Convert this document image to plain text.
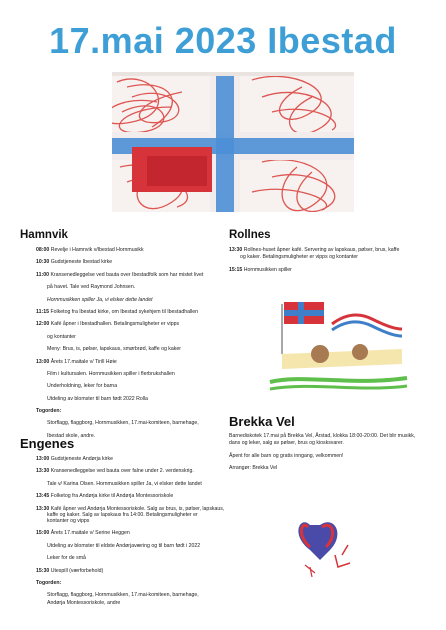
17.mai 2023 Ibestad
Hamnvik
08:00 Revelje i Hamnvik v/Ibestad Hornmusikk
10:30 Gudstjeneste Ibestad kirke
11:00 Kransenedleggelse ved bauta over Ibestadfolk som har mistet livet
på havet. Tale ved Raymond Johnsen.
Hornmusikken spiller Ja, vi elsker dette landet
11:15 Folketog fra Ibestad kirke, om Ibestad sykehjem til Ibestadhallen
12:00 Kafé åpner i Ibestadhallen. Betalingsmuligheter er vipps
og kontanter
Meny: Brus, is, pølser, lapskaus, smørbrød, kaffe og kaker
13:00 Årets 17.maitale v/ Tirill Høie
Film i kultursalen. Hornmusikken spiller i flerbrukshallen
Underholdning, leker for barna
Utdeling av blomster til barn født 2022 Rolla
Togorden:
Storflagg, flaggborg, Hornmusikken, 17.mai-komiteen, barnehage,
Ibestad skole, andre.
Engenes
13:00 Gudstjeneste Andørja kirke
13:30 Kransenedleggelse ved bauta over falne under 2. verdenskrig.
Tale v/ Karina Olsen. Hornmusikken spiller Ja, vi elsker dette landet
13:45 Folketog fra Andørja kirke til Andørja Montessoriskole
13:30 Kafé åpner ved Andørja Montessoriskole. Salg av brus, is, pølser, lapskaus,
kaffe og kaker. Salg av lapskaus fra 14:00. Betalingsmuligheter er
kontanter og vipps
15:00 Årets 17.maitale v/ Serine Heggen
Utdeling av blomster til eldste Andørjaværing og til barn født i 2022
Leker for de små
15:30 Utespill (værforbehold)
Togorden:
Storflagg, flaggborg, Hornmusikken, 17.mai-komiteen, barnehage,
Andørja Montessoriskole, andre
Rollnes
13:30 Rollnes-huset åpner kafé. Servering av lapskaus, pølser, brus, kaffe
og kaker. Betalingsmuligheter er vipps og kontanter
15:15 Hornmusikken spiller
Brekka Vel
Barnediskotek 17.mai på Brekka Vel, Årstad, klokka 18:00-20:00. Det blir musikk,
dans og leker, salg av pølser, brus og kiosksvarer.
Åpent for alle barn og gratis inngang, velkommen!
Arrangør: Brekka Vel
